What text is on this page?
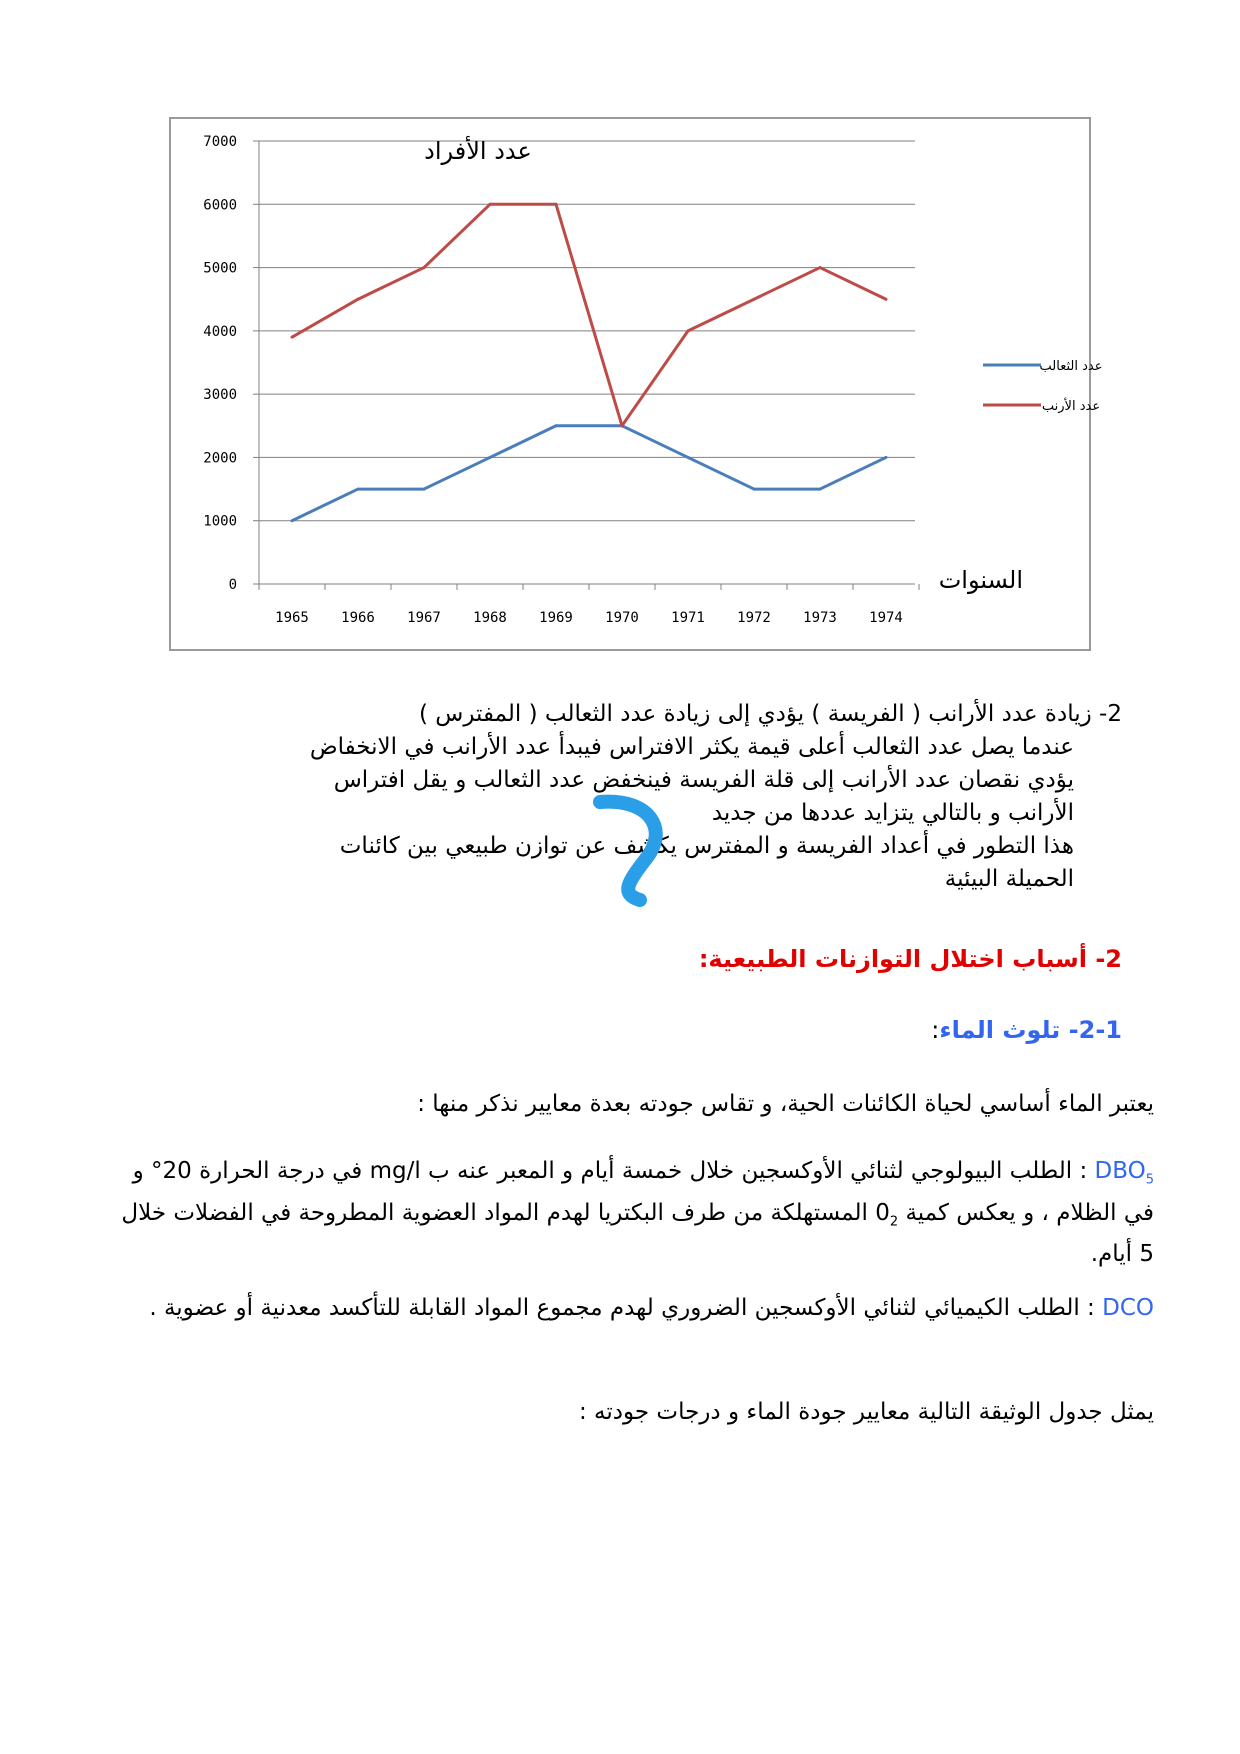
0
1000
2000
3000
4000
5000
6000
7000
1965 1966 1967 1968 1969 1970 1971 1972 1973 1974
عدد الأفراد
السنوات
عدد الثعالب
عدد الأرنب
2- زيادة عدد الأرانب ( الفريسة ) يؤدي إلى زيادة عدد الثعالب ( المفترس )
عندما يصل عدد الثعالب أعلى قيمة يكثر الافتراس فيبدأ عدد الأرانب في الانخفاض
يؤدي نقصان عدد الأرانب إلى قلة الفريسة فينخفض عدد الثعالب و يقل افتراس
الأرانب و بالتالي يتزايد عددها من جديد
هذا التطور في أعداد الفريسة و المفترس يكشف عن توازن طبيعي بين كائنات
الحميلة البيئية
2- أسباب اختلال التوازنات الطبيعية:
2-1- تلوث الماء:
يعتبر الماء أساسي لحياة الكائنات الحية، و تقاس جودته بعدة معايير نذكر منها :
$DBO_5$ : الطلب البيولوجي لثنائي الأوكسجين خلال خمسة أيام و المعبر عنه ب mg/l في درجة الحرارة 20° و في الظلام ، و يعكس كمية $0_2$ المستهلكة من طرف البكتريا لهدم المواد العضوية المطروحة في الفضلات خلال 5 أيام.
DCO : الطلب الكيميائي لثنائي الأوكسجين الضروري لهدم مجموع المواد القابلة للتأكسد معدنية أو عضوية .
يمثل جدول الوثيقة التالية معايير جودة الماء و درجات جودته :
